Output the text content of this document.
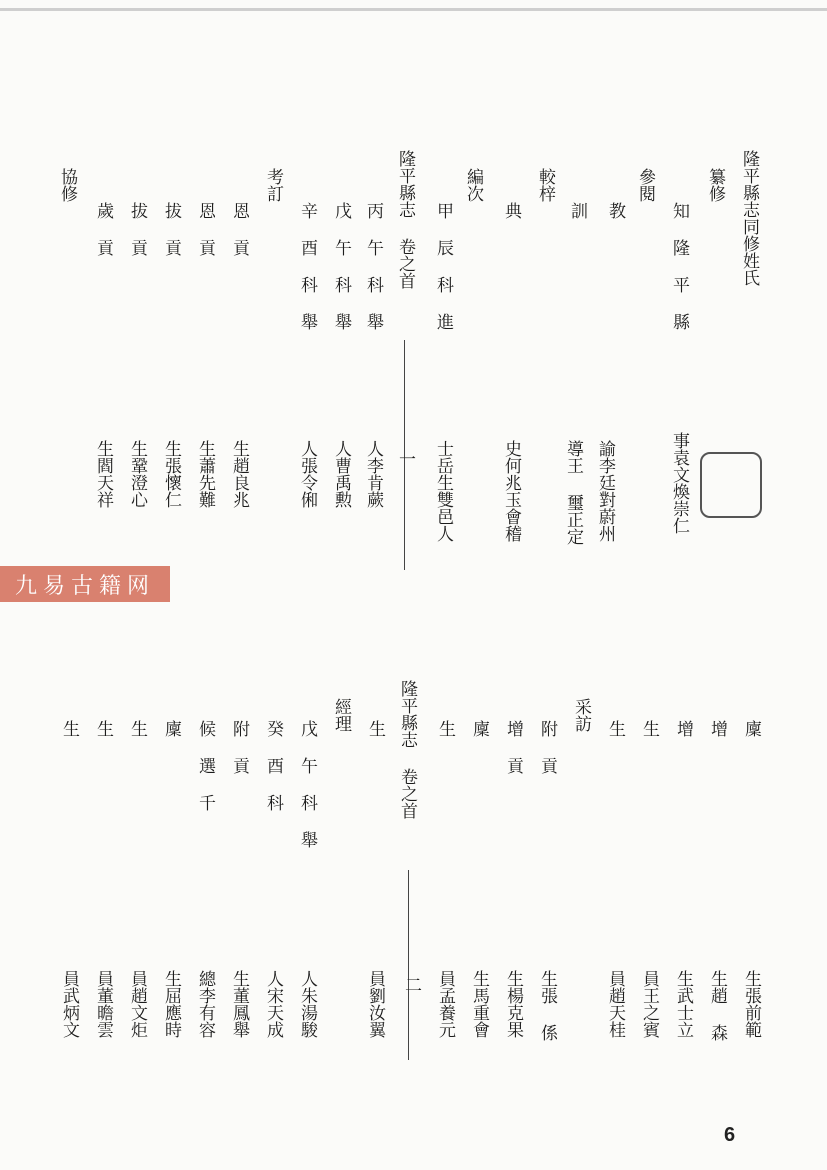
隆平縣志同修姓氏
纂修
知 隆 平 縣
事袁文煥崇仁
參閱
教
諭李廷對蔚州
訓
導王 璽正定
較梓
典
史何兆玉會稽
編次
甲 辰 科 進
士岳生雙邑人
隆平縣志 卷之首
一
丙 午 科 舉
人李肯蕨
戊 午 科 舉
人曹禹勲
辛 酉 科 舉
人張令俰
考訂
恩 貢
生趙良兆
恩 貢
生蕭先難
拔 貢
生張懷仁
拔 貢
生鞏澄心
歲 貢
生閻天祥
協修
九易古籍网
廩
生張前範
增
生趙 森
增
生武士立
生
員王之賓
生
員趙天桂
采訪
附 貢
生張 係
增 貢
生楊克果
廩
生馬重會
生
員孟養元
隆平縣志 卷之首
二
生
員劉汝翼
經理
戊 午 科 舉
人朱湯駿
癸 酉 科
人宋天成
附 貢
生董鳳舉
候 選 千
總李有容
廩
生屈應時
生
員趙文炬
生
員董曕雲
生
員武炳文
6
